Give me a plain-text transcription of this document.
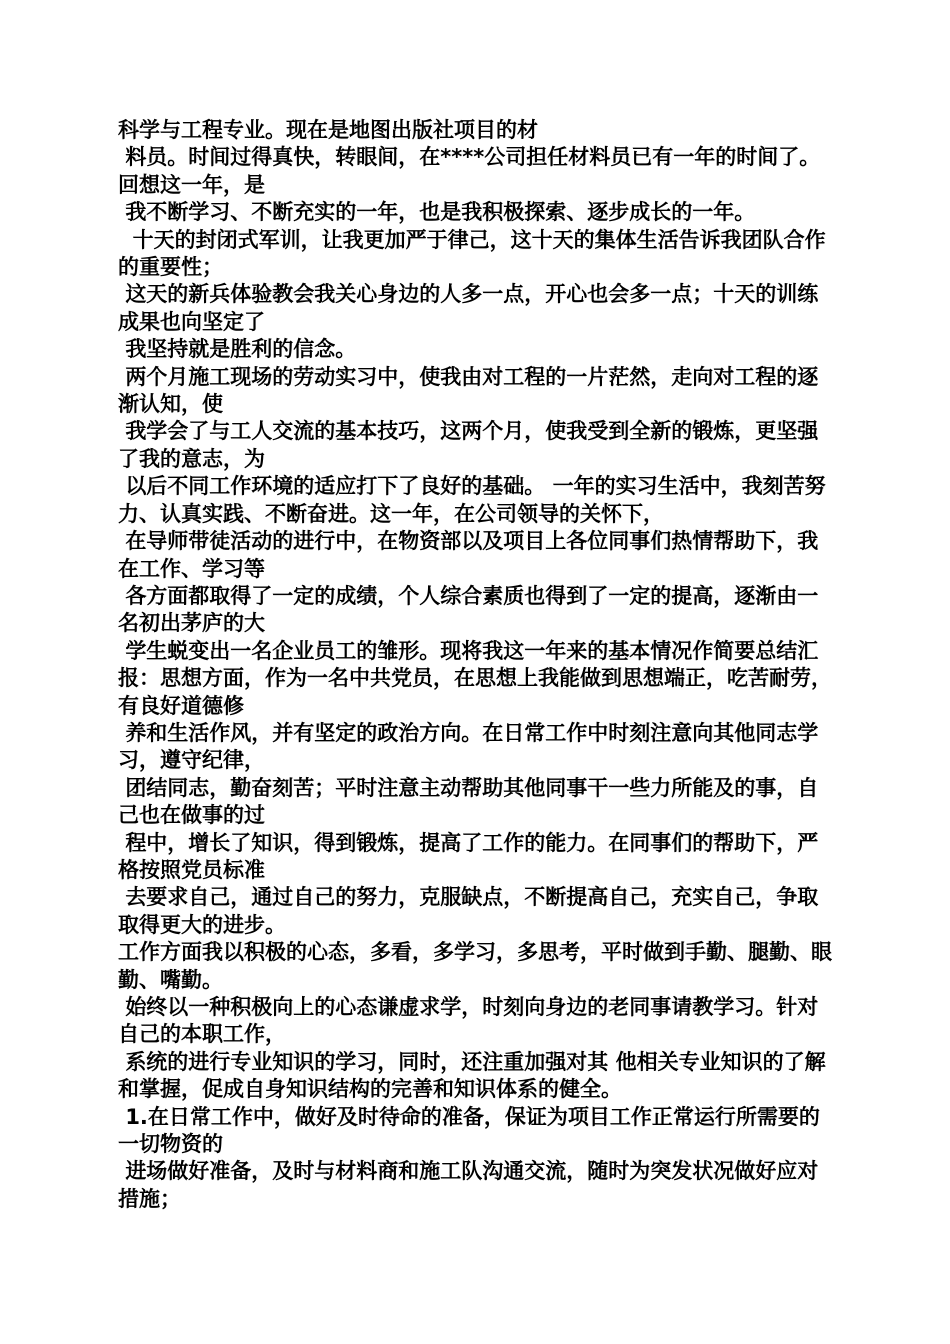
科学与工程专业。现在是地图出版社项目的材

料员。时间过得真快，转眼间，在****公司担任材料员已有一年的时间了。回想这一年，是

我不断学习、不断充实的一年，也是我积极探索、逐步成长的一年。

十天的封闭式军训，让我更加严于律己，这十天的集体生活告诉我团队合作的重要性；

这天的新兵体验教会我关心身边的人多一点，开心也会多一点；十天的训练成果也向坚定了

我坚持就是胜利的信念。

两个月施工现场的劳动实习中，使我由对工程的一片茫然，走向对工程的逐渐认知，使

我学会了与工人交流的基本技巧，这两个月，使我受到全新的锻炼，更坚强了我的意志，为

以后不同工作环境的适应打下了良好的基础。 一年的实习生活中，我刻苦努力、认真实践、不断奋进。这一年，在公司领导的关怀下，

在导师带徒活动的进行中，在物资部以及项目上各位同事们热情帮助下，我在工作、学习等

各方面都取得了一定的成绩，个人综合素质也得到了一定的提高，逐渐由一名初出茅庐的大

学生蜕变出一名企业员工的雏形。现将我这一年来的基本情况作简要总结汇报：思想方面，作为一名中共党员，在思想上我能做到思想端正，吃苦耐劳，有良好道德修

养和生活作风，并有坚定的政治方向。在日常工作中时刻注意向其他同志学习，遵守纪律，

团结同志，勤奋刻苦；平时注意主动帮助其他同事干一些力所能及的事，自己也在做事的过

程中，增长了知识，得到锻炼，提高了工作的能力。在同事们的帮助下，严格按照党员标准

去要求自己，通过自己的努力，克服缺点，不断提高自己，充实自己，争取取得更大的进步。

工作方面我以积极的心态，多看，多学习，多思考，平时做到手勤、腿勤、眼勤、嘴勤。

始终以一种积极向上的心态谦虚求学，时刻向身边的老同事请教学习。针对自己的本职工作，

系统的进行专业知识的学习，同时，还注重加强对其 他相关专业知识的了解和掌握，促成自身知识结构的完善和知识体系的健全。

1.在日常工作中，做好及时待命的准备，保证为项目工作正常运行所需要的一切物资的

进场做好准备，及时与材料商和施工队沟通交流，随时为突发状况做好应对措施；
